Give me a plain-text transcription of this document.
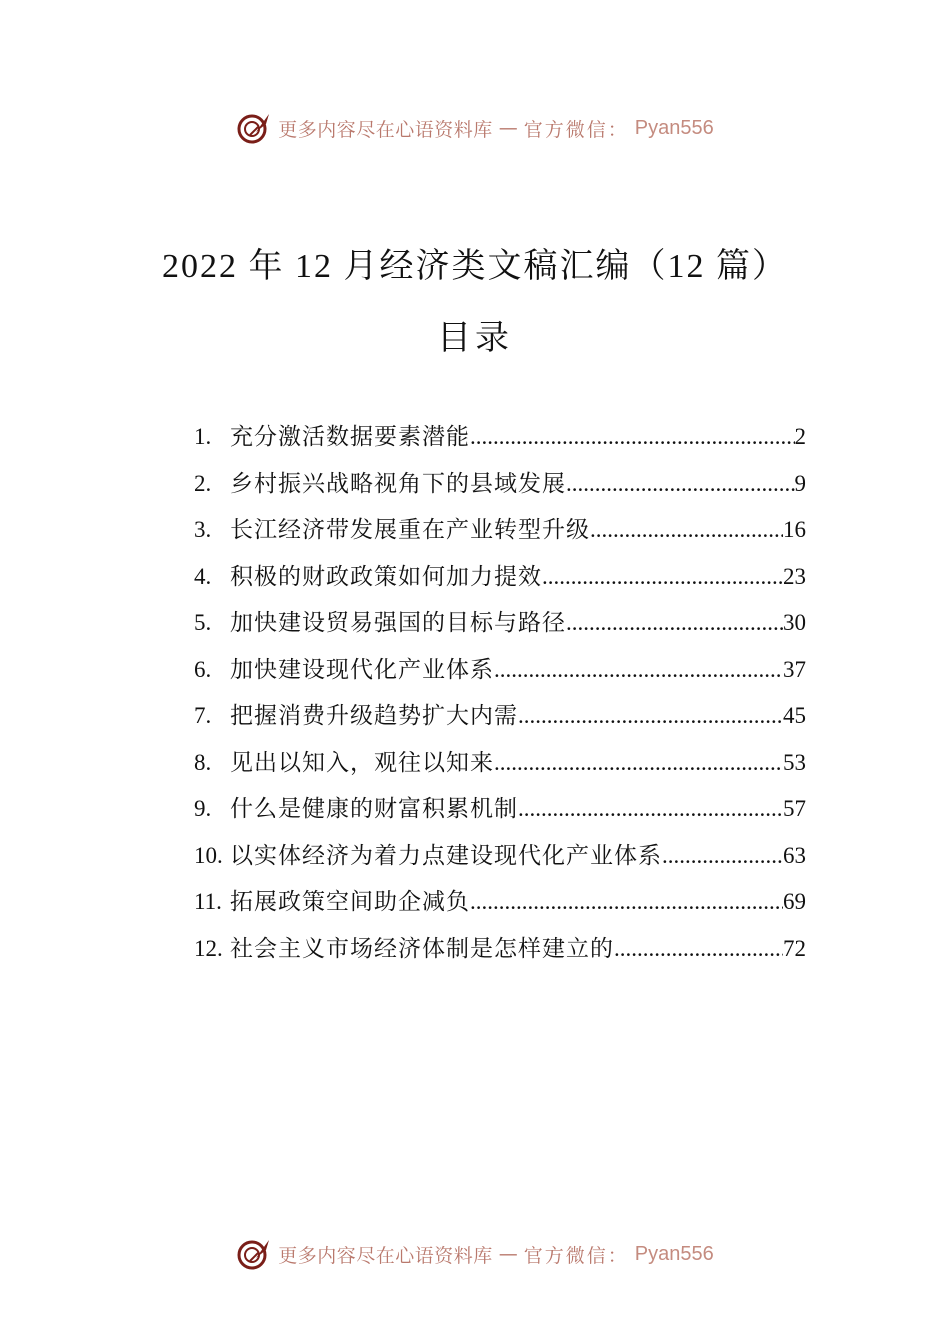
更多内容尽在心语资料库 — 官方微信： Pyan556
2022 年 12 月经济类文稿汇编（12 篇）
目录
1. 充分激活数据要素潜能 .....	2
2. 乡村振兴战略视角下的县域发展 .....	9
3. 长江经济带发展重在产业转型升级 .....	16
4. 积极的财政政策如何加力提效 .....	23
5. 加快建设贸易强国的目标与路径 .....	30
6. 加快建设现代化产业体系 .....	37
7. 把握消费升级趋势扩大内需 .....	45
8. 见出以知入，观往以知来 .....	53
9. 什么是健康的财富积累机制 .....	57
10. 以实体经济为着力点建设现代化产业体系 .....	63
11. 拓展政策空间助企减负 .....	69
12. 社会主义市场经济体制是怎样建立的 .....	72
更多内容尽在心语资料库 — 官方微信： Pyan556
